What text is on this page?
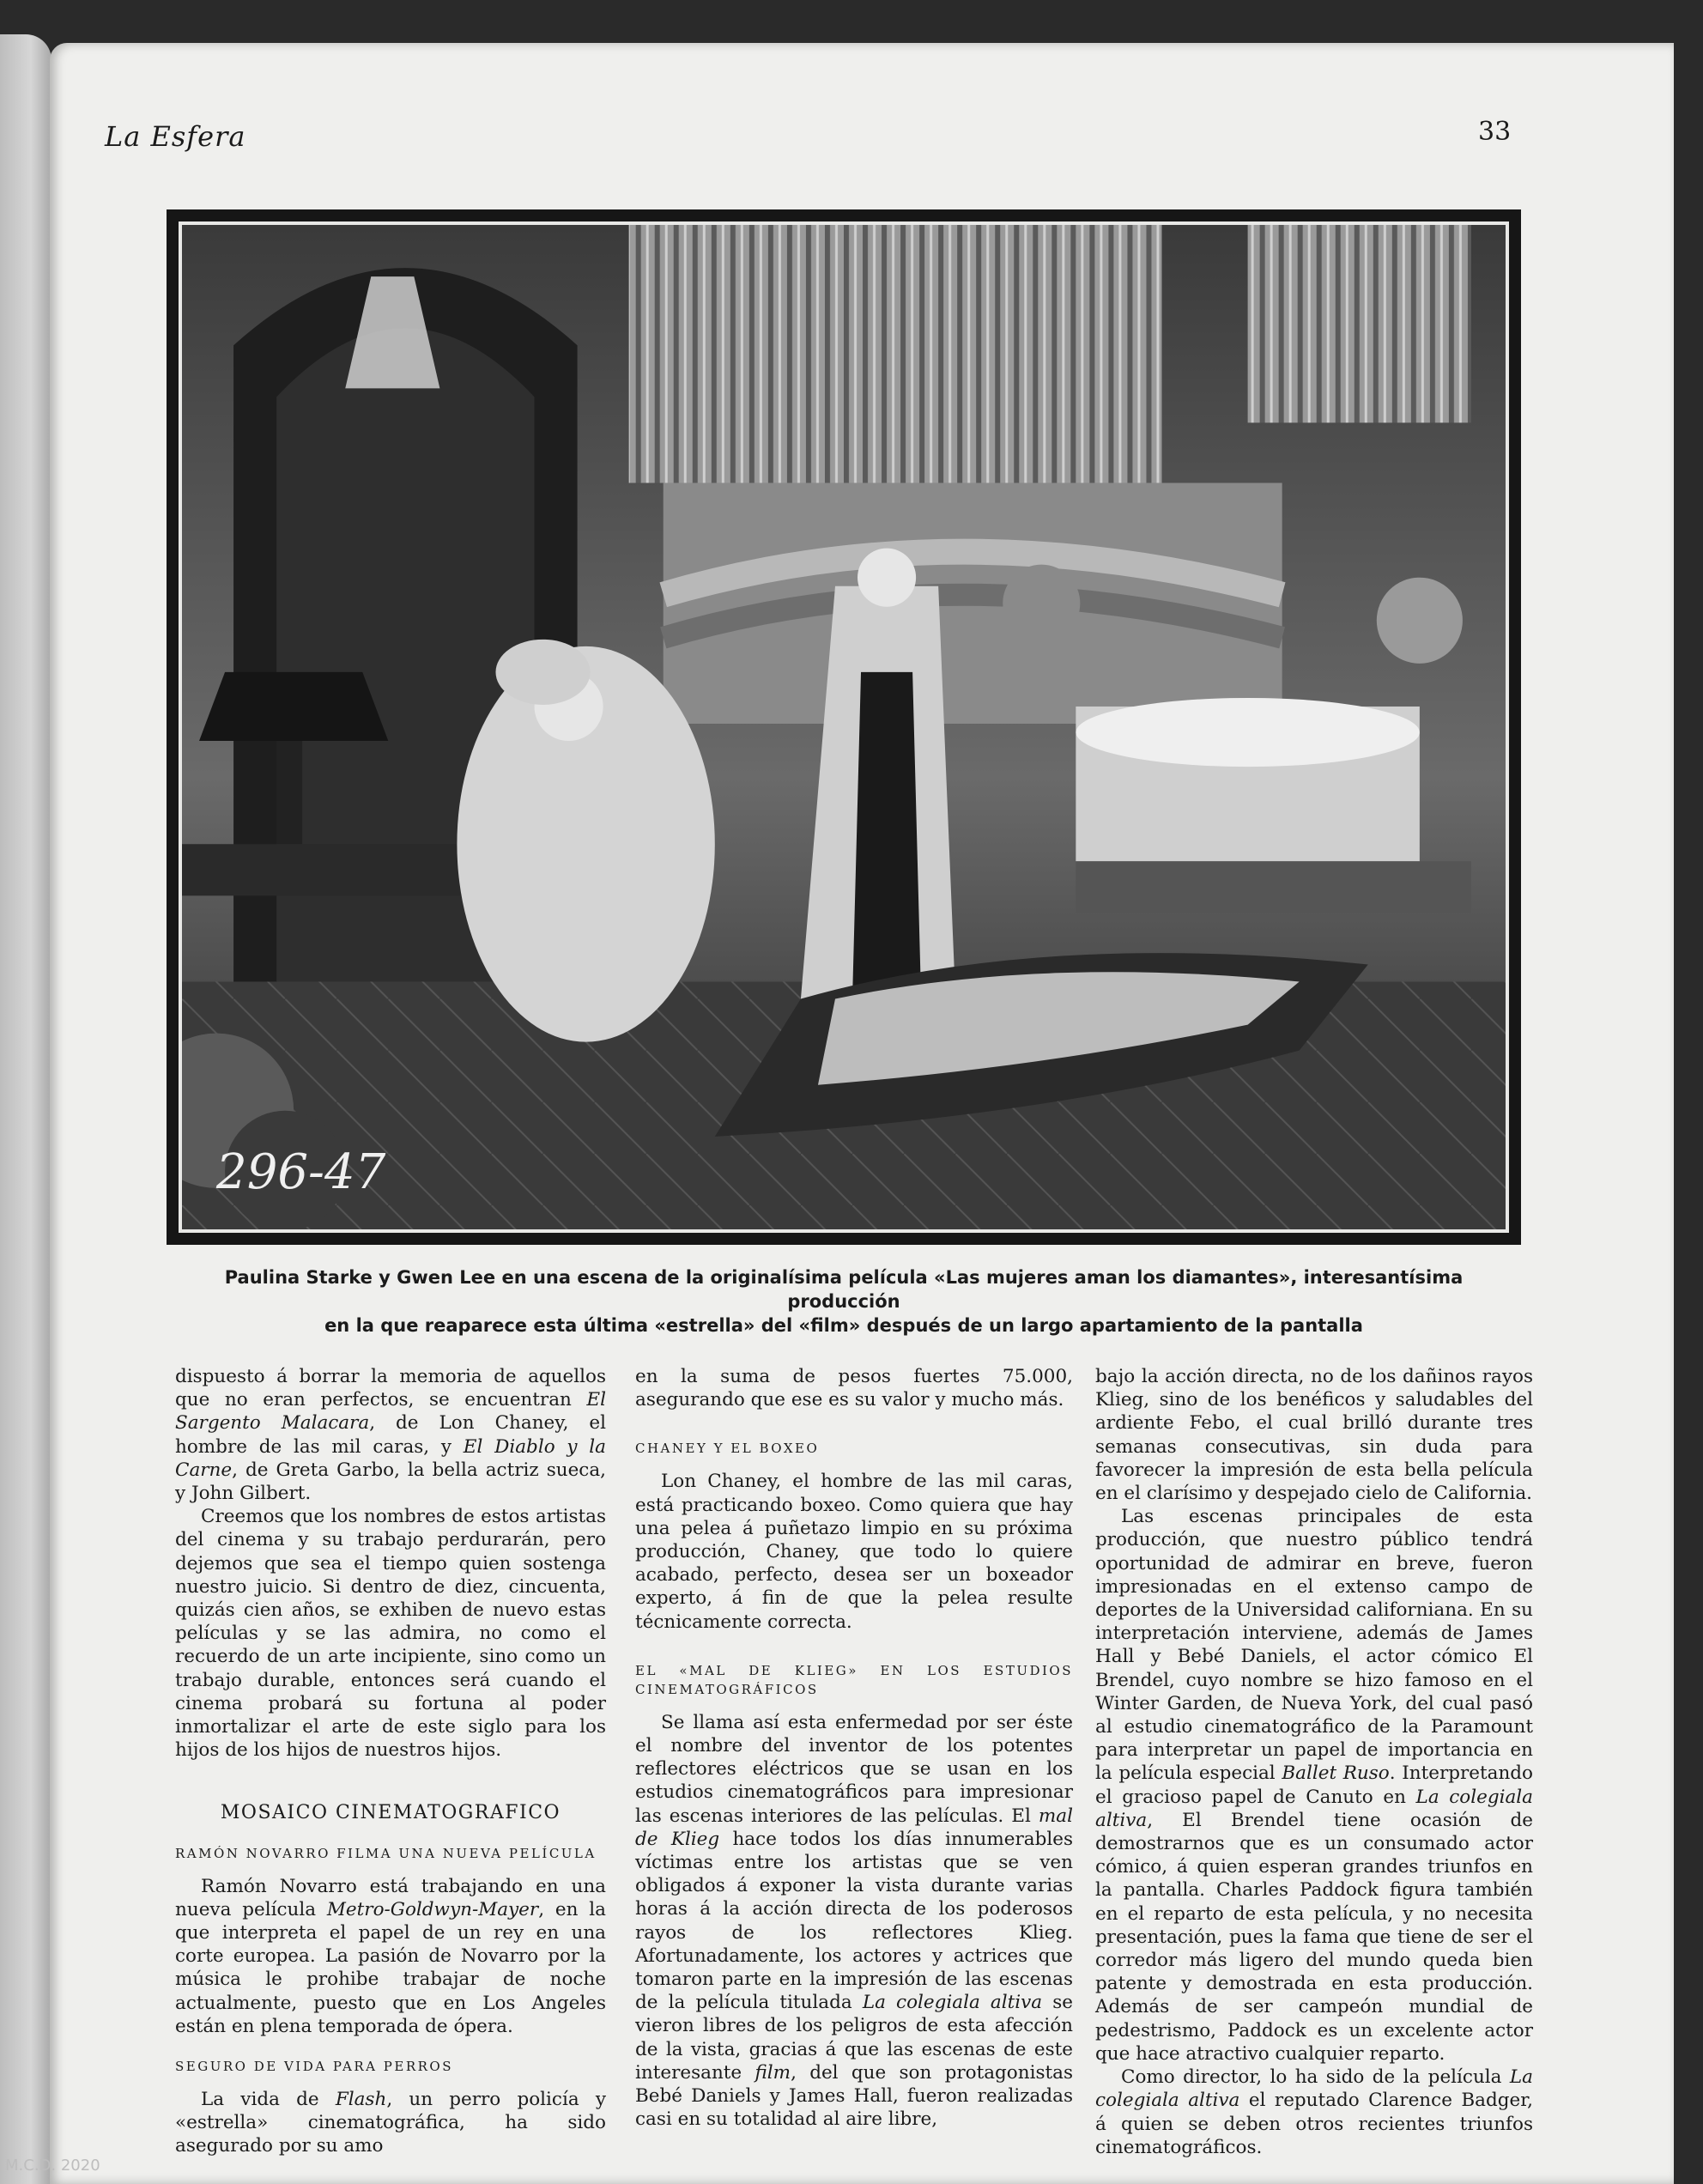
La Esfera	33
296-47
Paulina Starke y Gwen Lee en una escena de la originalísima película «Las mujeres aman los diamantes», interesantísima producción
en la que reaparece esta última «estrella» del «film» después de un largo apartamiento de la pantalla

dispuesto á borrar la memoria de aquellos que no eran perfectos, se encuentran El Sargento Malacara, de Lon Chaney, el hombre de las mil caras, y El Diablo y la Carne, de Greta Garbo, la bella actriz sueca, y John Gilbert.

Creemos que los nombres de estos artistas del cinema y su trabajo perdurarán, pero dejemos que sea el tiempo quien sostenga nuestro juicio. Si dentro de diez, cincuenta, quizás cien años, se exhiben de nuevo estas películas y se las admira, no como el recuerdo de un arte incipiente, sino como un trabajo durable, entonces será cuando el cinema probará su fortuna al poder inmortalizar el arte de este siglo para los hijos de los hijos de nuestros hijos.

MOSAICO CINEMATOGRAFICO
RAMÓN NOVARRO FILMA UNA NUEVA PELÍCULA

Ramón Novarro está trabajando en una nueva película Metro-Goldwyn-Mayer, en la que interpreta el papel de un rey en una corte europea. La pasión de Novarro por la música le prohibe trabajar de noche actualmente, puesto que en Los Angeles están en plena temporada de ópera.

SEGURO DE VIDA PARA PERROS

La vida de Flash, un perro policía y «estrella» cinematográfica, ha sido asegurado por su amo

en la suma de pesos fuertes 75.000, asegurando que ese es su valor y mucho más.

CHANEY Y EL BOXEO

Lon Chaney, el hombre de las mil caras, está practicando boxeo. Como quiera que hay una pelea á puñetazo limpio en su próxima producción, Chaney, que todo lo quiere acabado, perfecto, desea ser un boxeador experto, á fin de que la pelea resulte técnicamente correcta.

EL «MAL DE KLIEG» EN LOS ESTUDIOS CINEMATOGRÁFICOS

Se llama así esta enfermedad por ser éste el nombre del inventor de los potentes reflectores eléctricos que se usan en los estudios cinematográficos para impresionar las escenas interiores de las películas. El mal de Klieg hace todos los días innumerables víctimas entre los artistas que se ven obligados á exponer la vista durante varias horas á la acción directa de los poderosos rayos de los reflectores Klieg. Afortunadamente, los actores y actrices que tomaron parte en la impresión de las escenas de la película titulada La colegiala altiva se vieron libres de los peligros de esta afección de la vista, gracias á que las escenas de este interesante film, del que son protagonistas Bebé Daniels y James Hall, fueron realizadas casi en su totalidad al aire libre,

bajo la acción directa, no de los dañinos rayos Klieg, sino de los benéficos y saludables del ardiente Febo, el cual brilló durante tres semanas consecutivas, sin duda para favorecer la impresión de esta bella película en el clarísimo y despejado cielo de California.

Las escenas principales de esta producción, que nuestro público tendrá oportunidad de admirar en breve, fueron impresionadas en el extenso campo de deportes de la Universidad californiana. En su interpretación interviene, además de James Hall y Bebé Daniels, el actor cómico El Brendel, cuyo nombre se hizo famoso en el Winter Garden, de Nueva York, del cual pasó al estudio cinematográfico de la Paramount para interpretar un papel de importancia en la película especial Ballet Ruso. Interpretando el gracioso papel de Canuto en La colegiala altiva, El Brendel tiene ocasión de demostrarnos que es un consumado actor cómico, á quien esperan grandes triunfos en la pantalla. Charles Paddock figura también en el reparto de esta película, y no necesita presentación, pues la fama que tiene de ser el corredor más ligero del mundo queda bien patente y demostrada en esta producción. Además de ser campeón mundial de pedestrismo, Paddock es un excelente actor que hace atractivo cualquier reparto.

Como director, lo ha sido de la película La colegiala altiva el reputado Clarence Badger, á quien se deben otros recientes triunfos cinematográficos.

M.C.D. 2020
